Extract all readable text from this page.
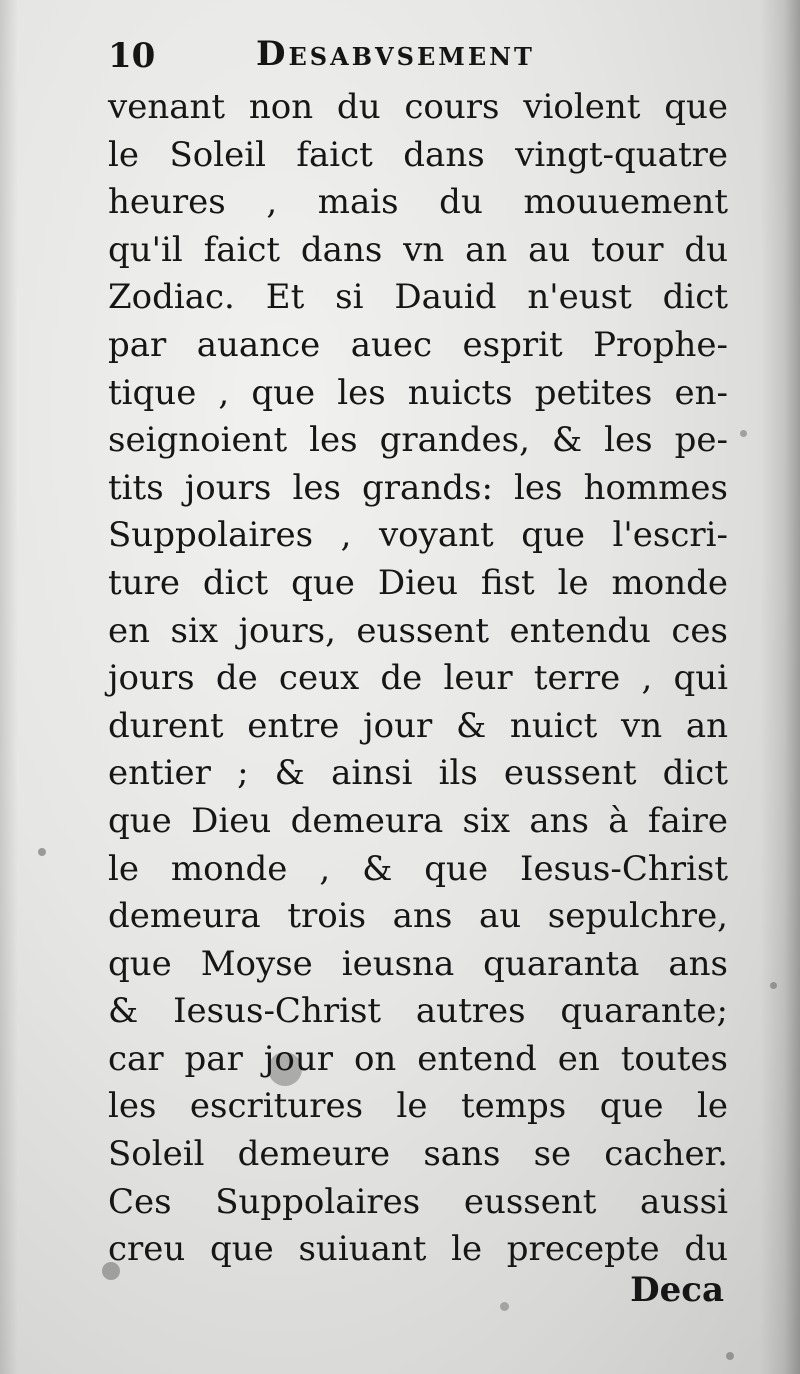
10	Desabvsement
venant non du cours violent que
le Soleil faict dans vingt-quatre
heures , mais du mouuement
qu'il faict dans vn an au tour du
Zodiac. Et si Dauid n'eust dict
par auance auec esprit Prophe-
tique , que les nuicts petites en-
seignoient les grandes, & les pe-
tits jours les grands: les hommes
Suppolaires , voyant que l'escri-
ture dict que Dieu fist le monde
en six jours, eussent entendu ces
jours de ceux de leur terre , qui
durent entre jour & nuict vn an
entier ; & ainsi ils eussent dict
que Dieu demeura six ans à faire
le monde , & que Iesus-Christ
demeura trois ans au sepulchre,
que Moyse ieusna quaranta ans
& Iesus-Christ autres quarante;
car par jour on entend en toutes
les escritures le temps que le
Soleil demeure sans se cacher.
Ces Suppolaires eussent aussi
creu que suiuant le precepte du
Deca
